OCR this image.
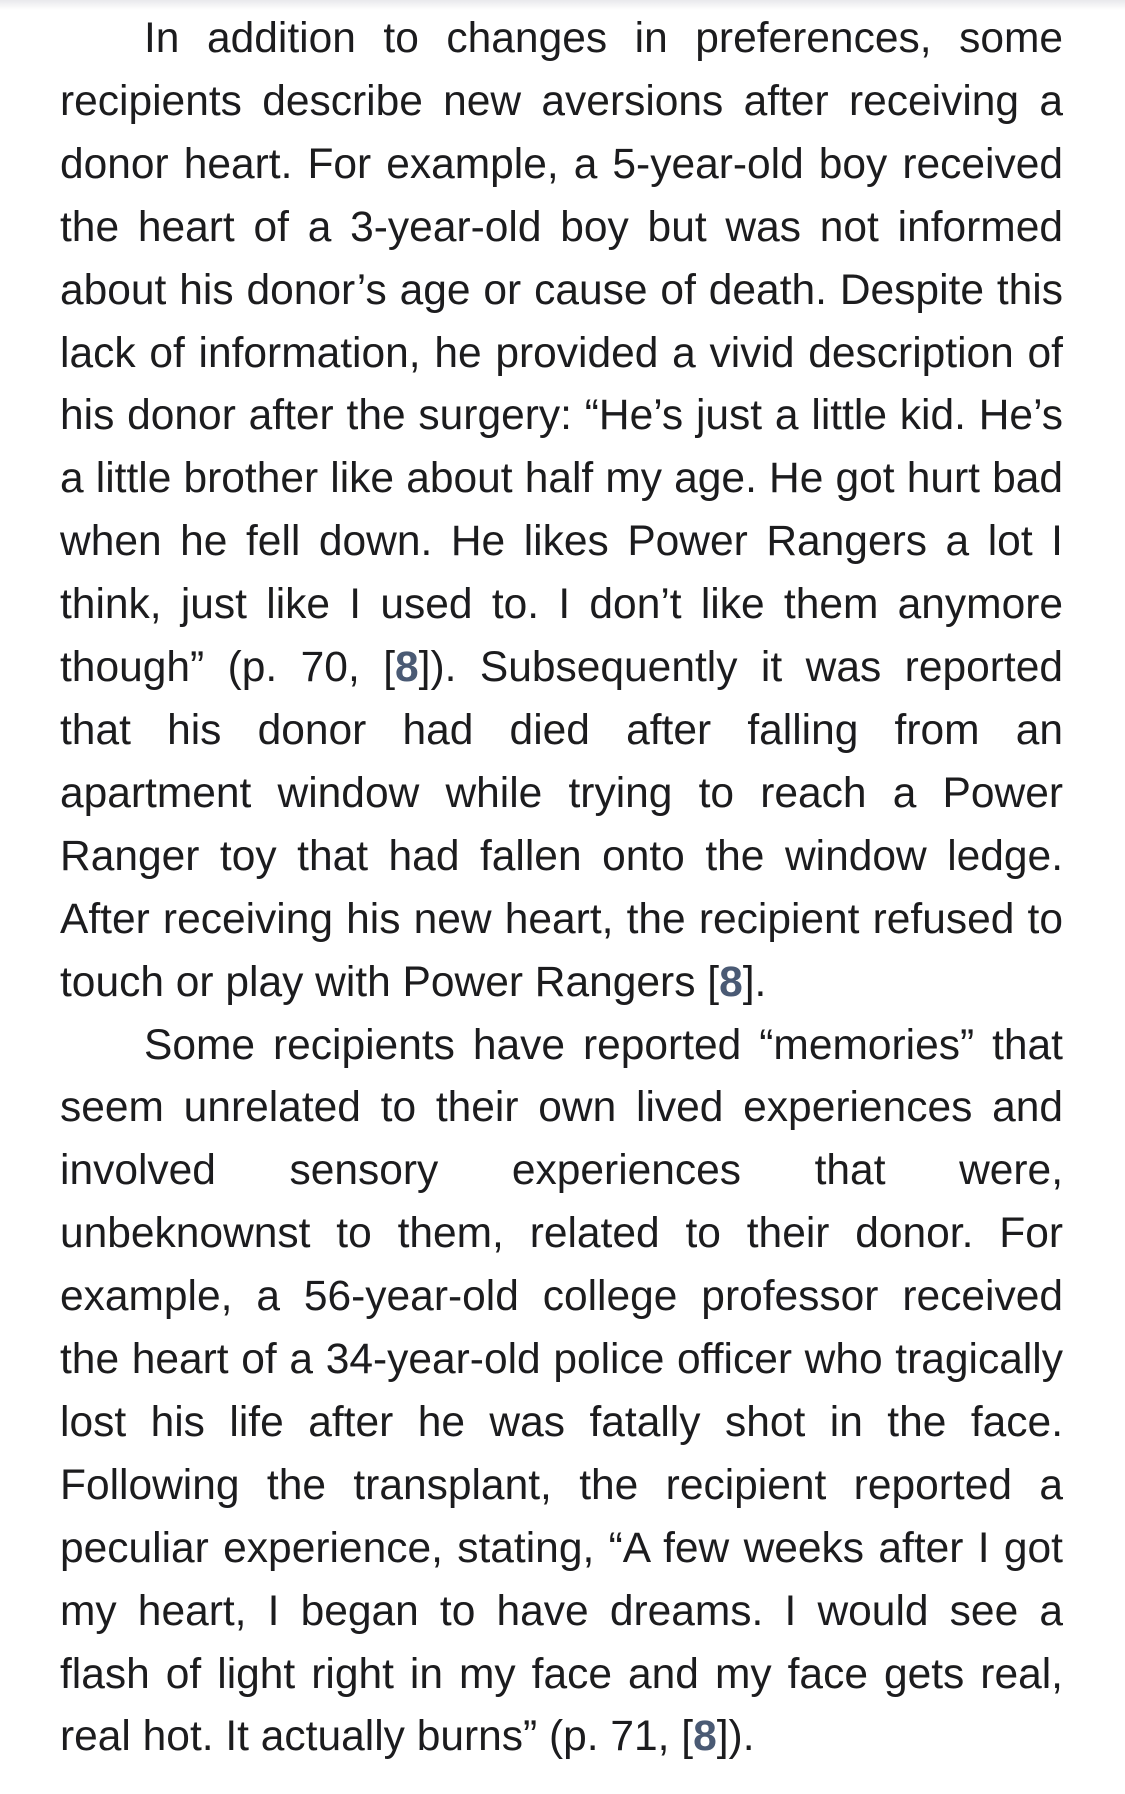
In addition to changes in preferences, some recipients describe new aversions after receiving a donor heart. For example, a 5-year-old boy received the heart of a 3-year-old boy but was not informed about his donor’s age or cause of death. Despite this lack of information, he provided a vivid description of his donor after the surgery: “He’s just a little kid. He’s a little brother like about half my age. He got hurt bad when he fell down. He likes Power Rangers a lot I think, just like I used to. I don’t like them anymore though” (p. 70, [8]). Subsequently it was reported that his donor had died after falling from an apartment window while trying to reach a Power Ranger toy that had fallen onto the window ledge. After receiving his new heart, the recipient refused to touch or play with Power Rangers [8].

Some recipients have reported “memories” that seem unrelated to their own lived experiences and involved sensory experiences that were, unbeknownst to them, related to their donor. For example, a 56-year-old college professor received the heart of a 34-year-old police officer who tragically lost his life after he was fatally shot in the face. Following the transplant, the recipient reported a peculiar experience, stating, “A few weeks after I got my heart, I began to have dreams. I would see a flash of light right in my face and my face gets real, real hot. It actually burns” (p. 71, [8]).
